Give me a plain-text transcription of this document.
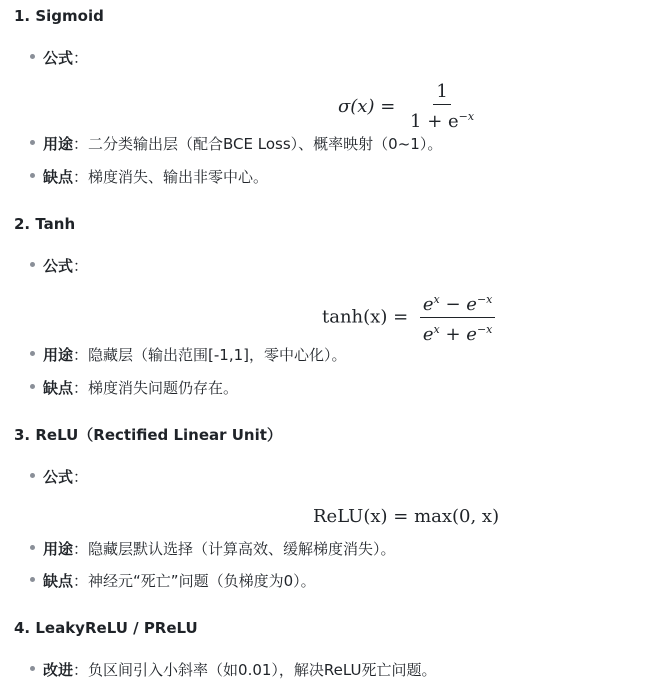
1. Sigmoid
公式：
$\sigma(x) = \frac{1}{1 + e^{-x}}$
用途：二分类输出层（配合BCE Loss）、概率映射（0~1）。
缺点：梯度消失、输出非零中心。
2. Tanh
公式：
$\tanh(x) = \frac{e^x - e^{-x}}{e^x + e^{-x}}$
用途：隐藏层（输出范围[-1,1]，零中心化）。
缺点：梯度消失问题仍存在。
3. ReLU（Rectified Linear Unit）
公式：
ReLU(x) = max(0, x)
用途：隐藏层默认选择（计算高效、缓解梯度消失）。
缺点：神经元“死亡”问题（负梯度为0）。
4. LeakyReLU / PReLU
改进：负区间引入小斜率（如0.01），解决ReLU死亡问题。
